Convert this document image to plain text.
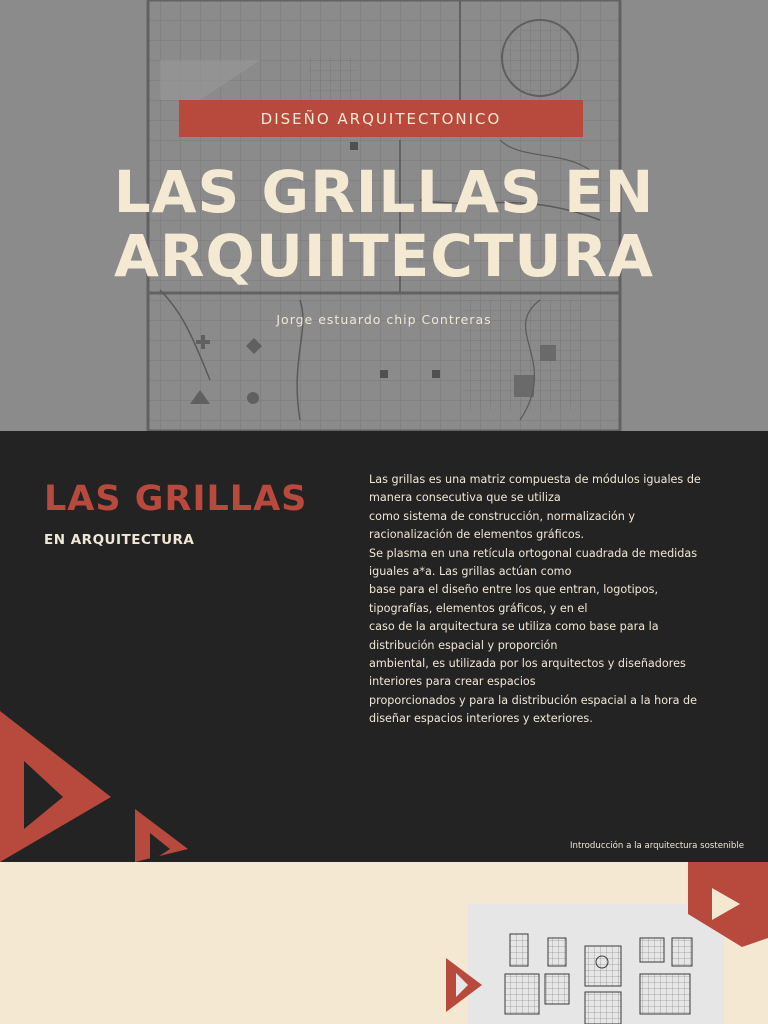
DISEÑO ARQUITECTONICO
LAS GRILLAS EN
ARQUIITECTURA
Jorge estuardo chip Contreras
LAS GRILLAS
EN ARQUITECTURA
Las grillas es una matriz compuesta de módulos iguales de
manera consecutiva que se utiliza
como sistema de construcción, normalización y
racionalización de elementos gráficos.
Se plasma en una retícula ortogonal cuadrada de medidas
iguales a*a. Las grillas actúan como
base para el diseño entre los que entran, logotipos,
tipografías, elementos gráficos, y en el
caso de la arquitectura se utiliza como base para la
distribución espacial y proporción
ambiental, es utilizada por los arquitectos y diseñadores
interiores para crear espacios
proporcionados y para la distribución espacial a la hora de
diseñar espacios interiores y exteriores.
Introducción a la arquitectura sostenible
